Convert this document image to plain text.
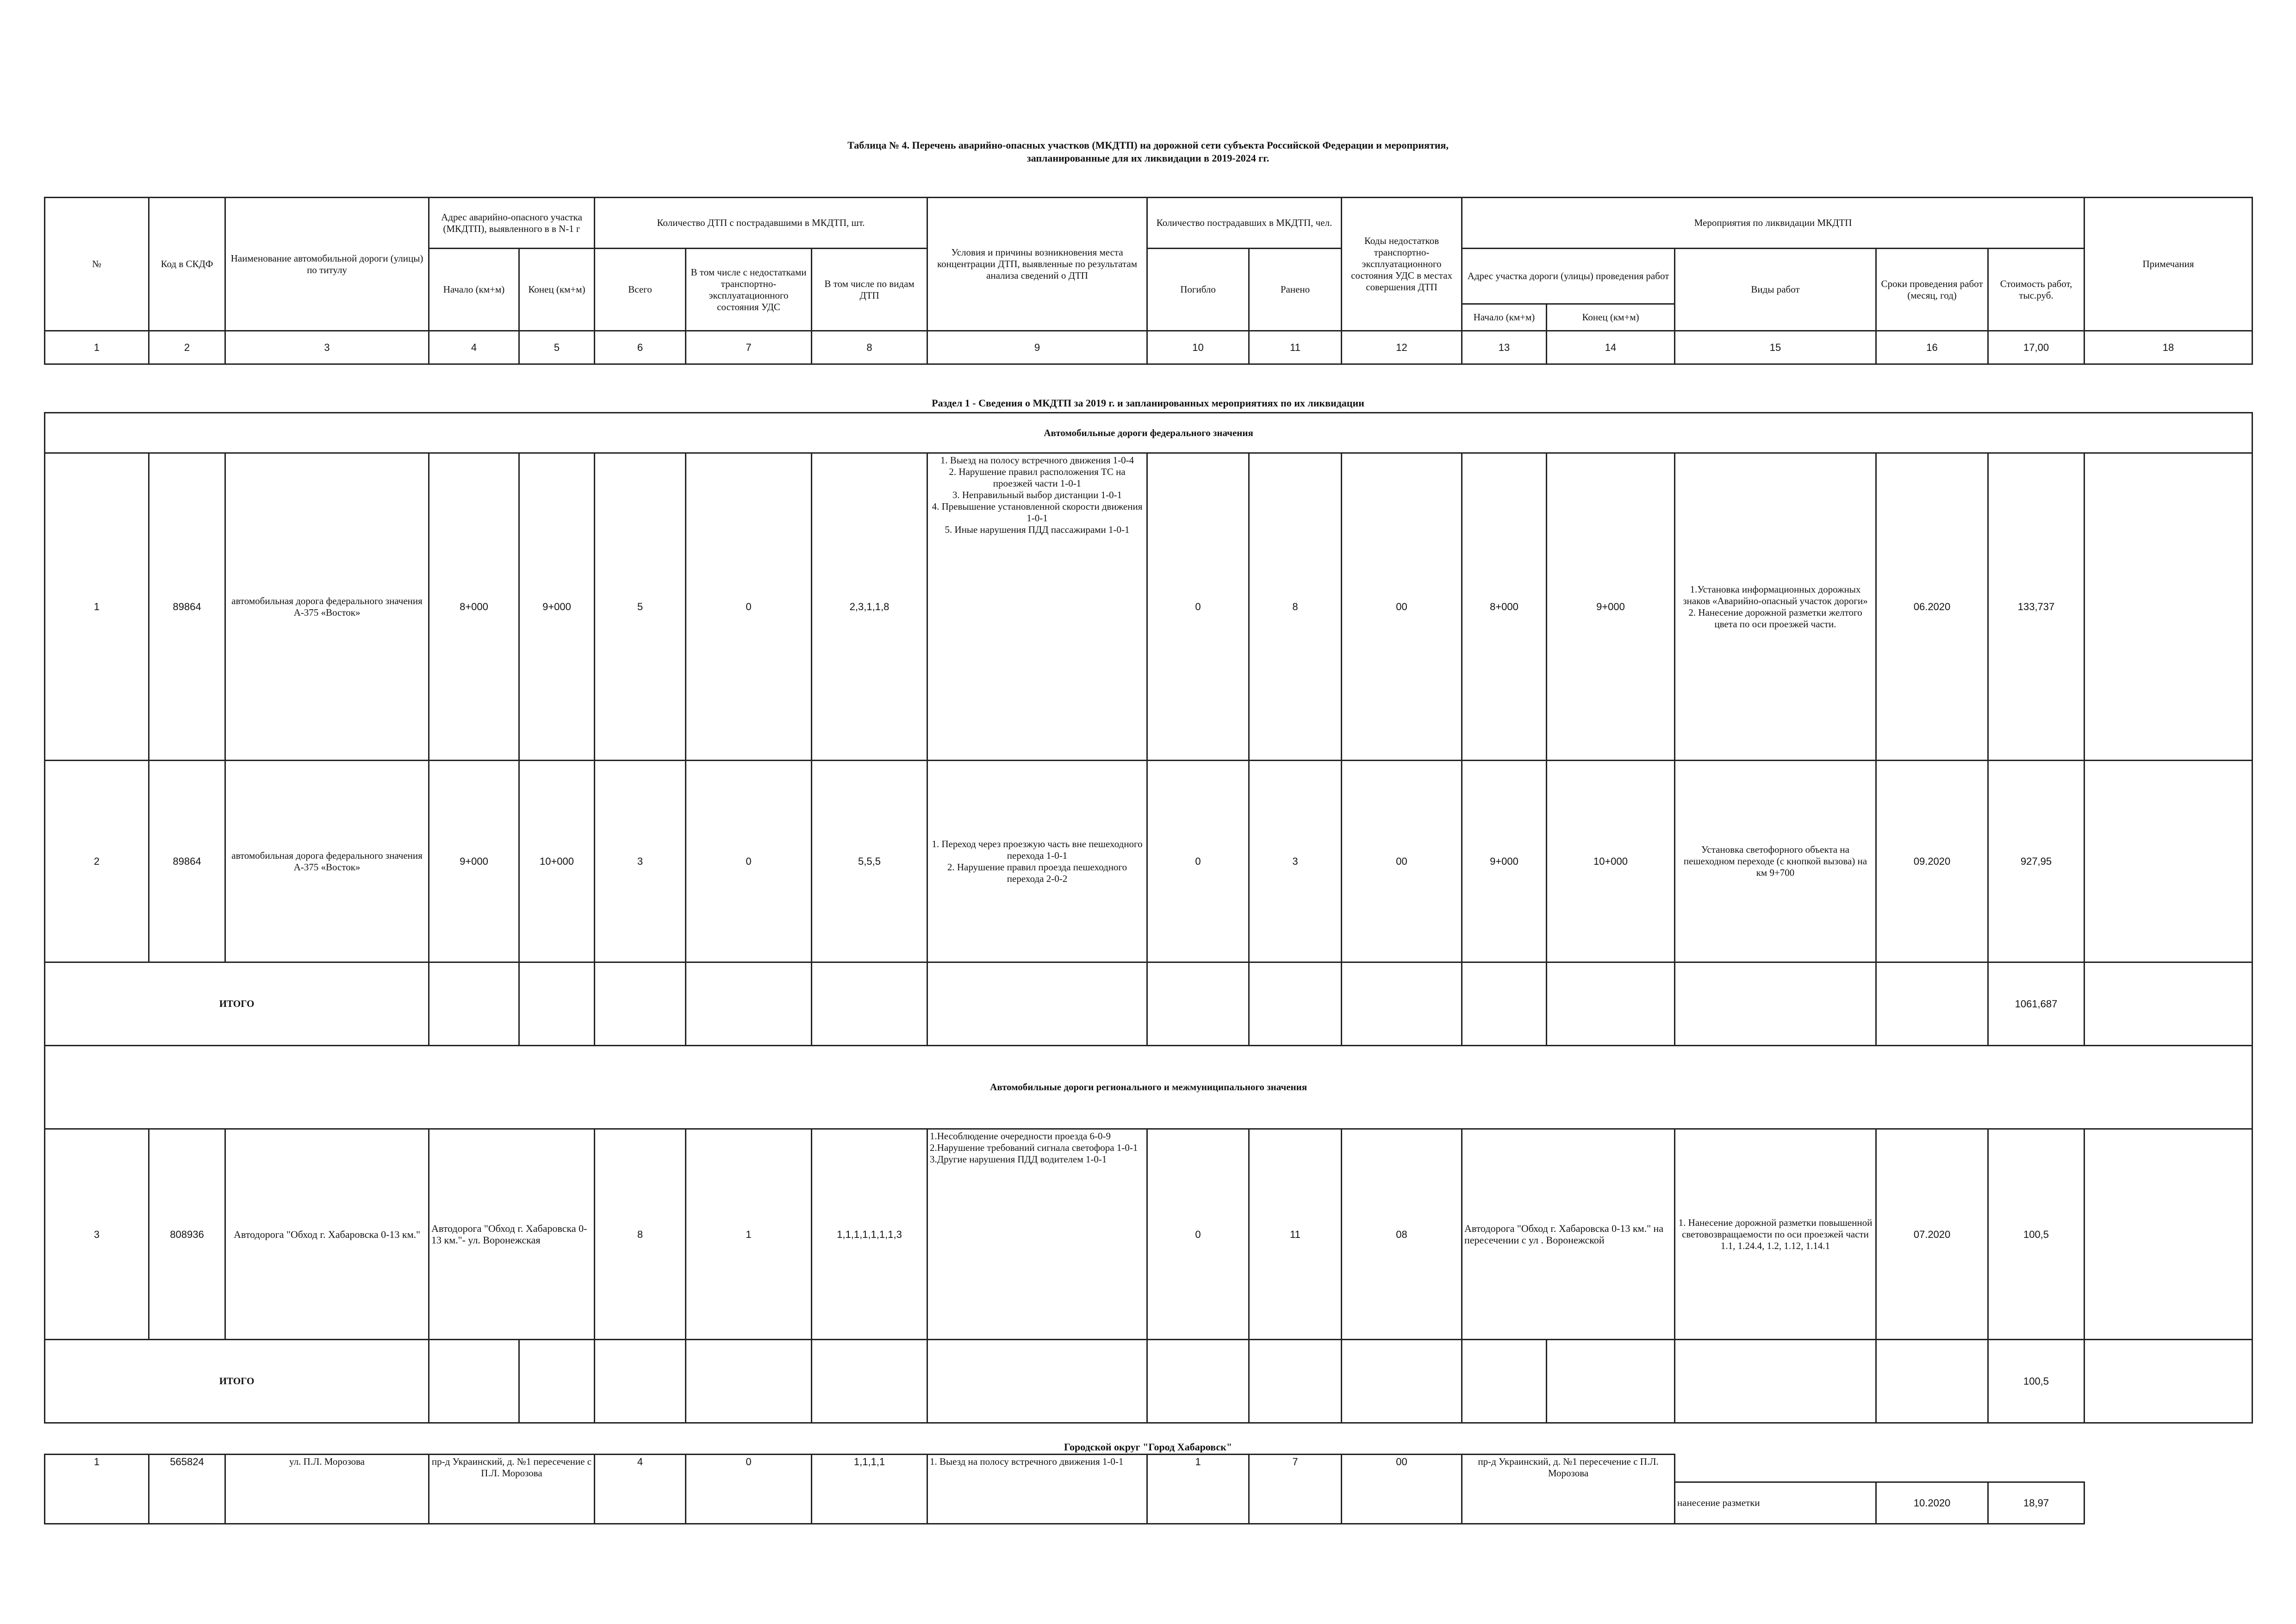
Таблица № 4. Перечень аварийно-опасных участков (МКДТП) на дорожной сети субъекта Российской Федерации и мероприятия,
запланированные для их ликвидации в 2019-2024 гг.
№	Код в СКДФ	Наименование автомобильной дороги (улицы) по титулу	Адрес аварийно-опасного участка (МКДТП), выявленного в в N-1 г		Количество ДТП с пострадавшими в МКДТП, шт.			Условия и причины возникновения места концентрации ДТП, выявленные по результатам анализа сведений о ДТП	Количество пострадавших в МКДТП, чел.		Коды недостатков транспортно-эксплуатационного состояния УДС в местах совершения ДТП	Мероприятия по ликвидации МКДТП					Примечания
			Начало (км+м)	Конец (км+м)	Всего	В том числе с недостатками транспортно-эксплуатационного состояния УДС	В том числе по видам ДТП		Погибло	Ранено		Адрес участка дороги (улицы) проведения работ		Виды работ	Сроки проведения работ (месяц, год)	Стоимость работ, тыс.руб.	
												Начало (км+м)	Конец (км+м)				
1	2	3	4	5	6	7	8	9	10	11	12	13	14	15	16	17,00	18
Раздел 1 - Сведения о МКДТП за 2019 г. и запланированных мероприятиях по их ликвидации
Автомобильные дороги федерального значения																	
1	89864	автомобильная дорога федерального значения А-375 «Восток»	8+000	9+000	5	0	2,3,1,1,8	1. Выезд на полосу встречного движения 1-0-4
2. Нарушение правил расположения ТС на проезжей части 1-0-1
3. Неправильный выбор дистанции 1-0-1
4. Превышение установленной скорости движения 1-0-1
5. Иные нарушения ПДД пассажирами 1-0-1	0	8	00	8+000	9+000	1.Установка информационных дорожных знаков «Аварийно-опасный участок дороги»
2. Нанесение дорожной разметки желтого цвета по оси проезжей части.	06.2020	133,737	
2	89864	автомобильная дорога федерального значения А-375 «Восток»	9+000	10+000	3	0	5,5,5	1. Переход через проезжую часть вне пешеходного перехода 1-0-1
2. Нарушение правил проезда пешеходного перехода 2-0-2	0	3	00	9+000	10+000	Установка светофорного объекта на пешеходном переходе (с кнопкой вызова) на км 9+700	09.2020	927,95	
ИТОГО																1061,687	
Автомобильные дороги регионального и межмуниципального значения																	
3	808936	Автодорога "Обход г. Хабаровска 0-13 км."	Автодорога "Обход г. Хабаровска 0-13 км."- ул. Воронежская		8	1	1,1,1,1,1,1,1,3	1.Несоблюдение очередности проезда 6-0-9
2.Нарушение требований сигнала светофора 1-0-1
3.Другие нарушения ПДД водителем 1-0-1	0	11	08	Автодорога "Обход г. Хабаровска 0-13 км." на пересечении с ул . Воронежской		1. Нанесение дорожной разметки повышенной световозвращаемости по оси проезжей части 1.1, 1.24.4, 1.2, 1.12, 1.14.1	07.2020	100,5	
ИТОГО																100,5	
Городской округ "Город Хабаровск"
1	565824	ул. П.Л. Морозова	пр-д Украинский, д. №1 пересечение с П.Л. Морозова	4	0	1,1,1,1	1. Выезд на полосу встречного движения 1-0-1	1	7	00	пр-д Украинский, д. №1 пересечение с П.Л. Морозова				
												нанесение разметки	10.2020	18,97	
